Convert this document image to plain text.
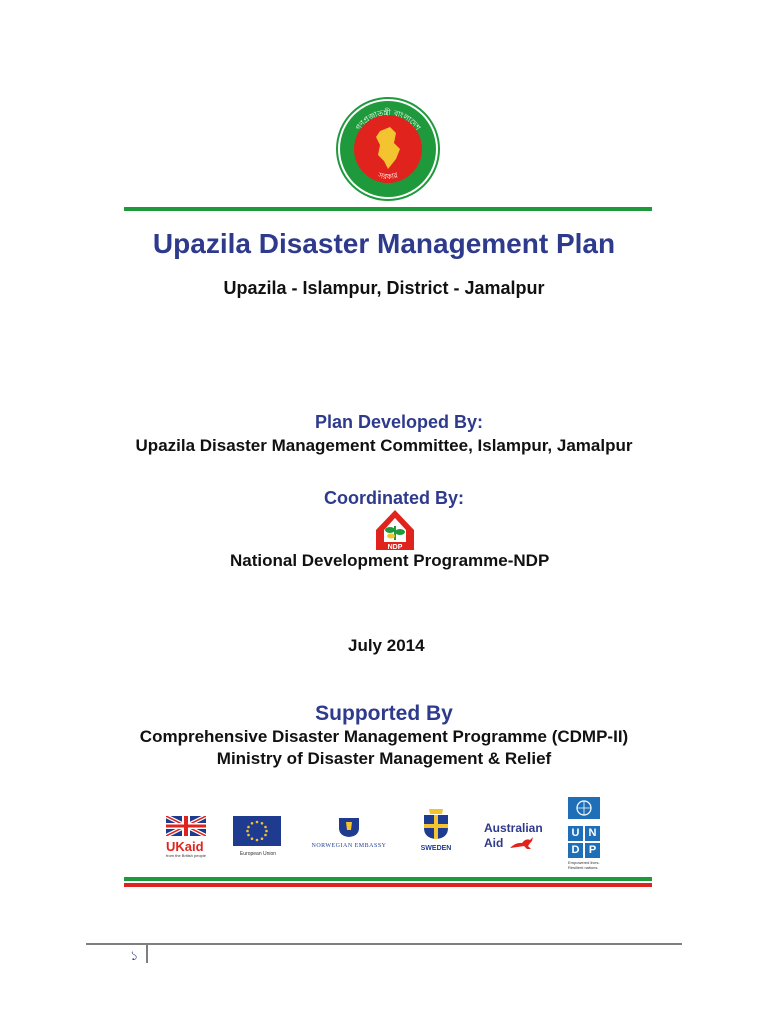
গণপ্রজাতন্ত্রী বাংলাদেশ
সরকার
Upazila Disaster Management Plan
Upazila - Islampur, District - Jamalpur
Plan Developed By:
Upazila Disaster Management Committee, Islampur, Jamalpur
Coordinated By:
NDP
National Development Programme-NDP
July 2014
Supported By
Comprehensive Disaster Management Programme (CDMP-II)
Ministry of Disaster Management & Relief
UKaid
from the British people	European Union
NORWEGIAN EMBASSY	SWEDEN
Australian
Aid
U N
D P
Empowered lives. Resilient nations.
১
